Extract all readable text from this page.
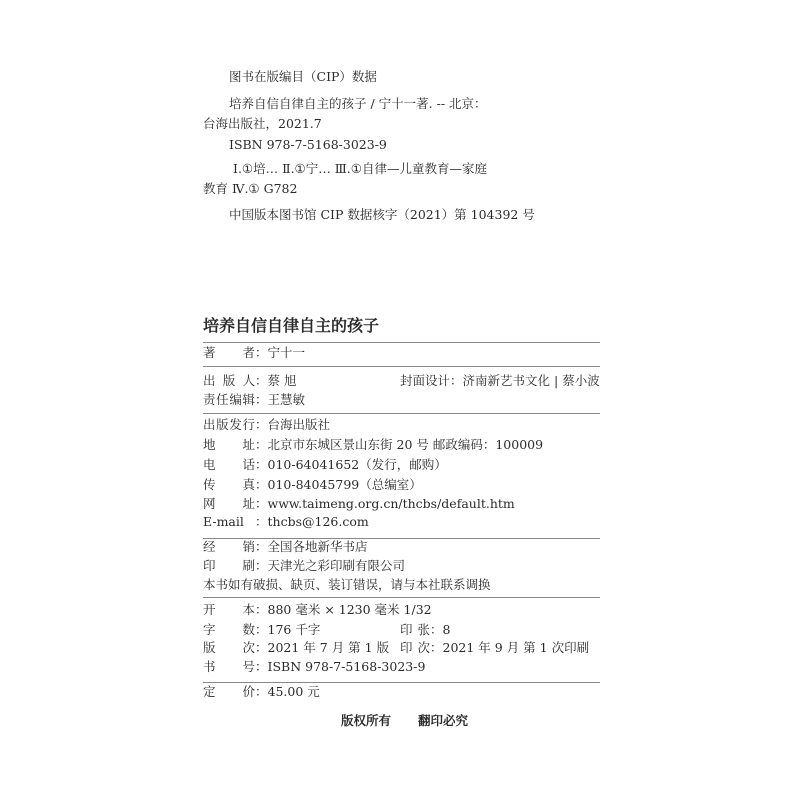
图书在版编目（CIP）数据
培养自信自律自主的孩子 / 宁十一著. -- 北京：
台海出版社，2021.7
ISBN 978-7-5168-3023-9
Ⅰ.①培… Ⅱ.①宁… Ⅲ.①自律—儿童教育—家庭
教育 Ⅳ.① G782
中国版本图书馆 CIP 数据核字（2021）第 104392 号
培养自信自律自主的孩子
著者：宁十一
出版人：蔡 旭	封面设计：济南新艺书文化 | 蔡小波
责任编辑：王慧敏
出版发行：台海出版社
地址：北京市东城区景山东街 20 号 邮政编码：100009
电话：010-64041652（发行，邮购）
传真：010-84045799（总编室）
网址：www.taimeng.org.cn/thcbs/default.htm
E-mail ：thcbs@126.com
经销：全国各地新华书店
印刷：天津光之彩印刷有限公司
本书如有破损、缺页、装订错误，请与本社联系调换
开本：880 毫米 × 1230 毫米 1/32
字数：176 千字	印张：8
版次：2021 年 7 月 第 1 版 印次：2021 年 9 月 第 1 次印刷
书号：ISBN 978-7-5168-3023-9
定价：45.00 元
版权所有 翻印必究
